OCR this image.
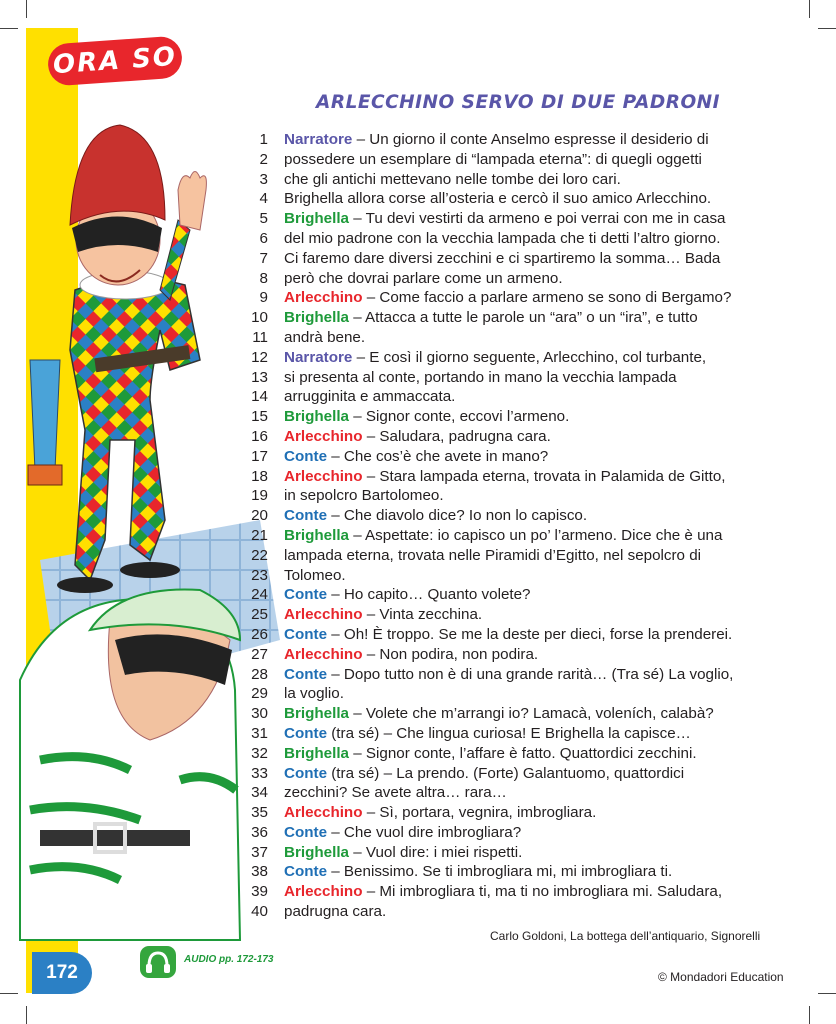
ORA SO
ARLECCHINO SERVO DI DUE PADRONI
1 Narratore – Un giorno il conte Anselmo espresse il desiderio di
2 possedere un esemplare di “lampada eterna”: di quegli oggetti
3 che gli antichi mettevano nelle tombe dei loro cari.
4 Brighella allora corse all’osteria e cercò il suo amico Arlecchino.
5 Brighella – Tu devi vestirti da armeno e poi verrai con me in casa
6 del mio padrone con la vecchia lampada che ti detti l’altro giorno.
7 Ci faremo dare diversi zecchini e ci spartiremo la somma… Bada
8 però che dovrai parlare come un armeno.
9 Arlecchino – Come faccio a parlare armeno se sono di Bergamo?
10 Brighella – Attacca a tutte le parole un “ara” o un “ira”, e tutto
11 andrà bene.
12 Narratore – E così il giorno seguente, Arlecchino, col turbante,
13 si presenta al conte, portando in mano la vecchia lampada
14 arrugginita e ammaccata.
15 Brighella – Signor conte, eccovi l’armeno.
16 Arlecchino – Saludara, padrugna cara.
17 Conte – Che cos’è che avete in mano?
18 Arlecchino – Stara lampada eterna, trovata in Palamida de Gitto,
19 in sepolcro Bartolomeo.
20 Conte – Che diavolo dice? Io non lo capisco.
21 Brighella – Aspettate: io capisco un po’ l’armeno. Dice che è una
22 lampada eterna, trovata nelle Piramidi d’Egitto, nel sepolcro di
23 Tolomeo.
24 Conte – Ho capito… Quanto volete?
25 Arlecchino – Vinta zecchina.
26 Conte – Oh! È troppo. Se me la deste per dieci, forse la prenderei.
27 Arlecchino – Non podira, non podira.
28 Conte – Dopo tutto non è di una grande rarità… (Tra sé) La voglio,
29 la voglio.
30 Brighella – Volete che m’arrangi io? Lamacà, voleních, calabà?
31 Conte (tra sé) – Che lingua curiosa! E Brighella la capisce…
32 Brighella – Signor conte, l’affare è fatto. Quattordici zecchini.
33 Conte (tra sé) – La prendo. (Forte) Galantuomo, quattordici
34 zecchini? Se avete altra… rara…
35 Arlecchino – Sì, portara, vegnira, imbrogliara.
36 Conte – Che vuol dire imbrogliara?
37 Brighella – Vuol dire: i miei rispetti.
38 Conte – Benissimo. Se ti imbrogliara mi, mi imbrogliara ti.
39 Arlecchino – Mi imbrogliara ti, ma ti no imbrogliara mi. Saludara,
40 padrugna cara.
Carlo Goldoni, La bottega dell’antiquario, Signorelli
172
AUDIO pp. 172-173
© Mondadori Education
